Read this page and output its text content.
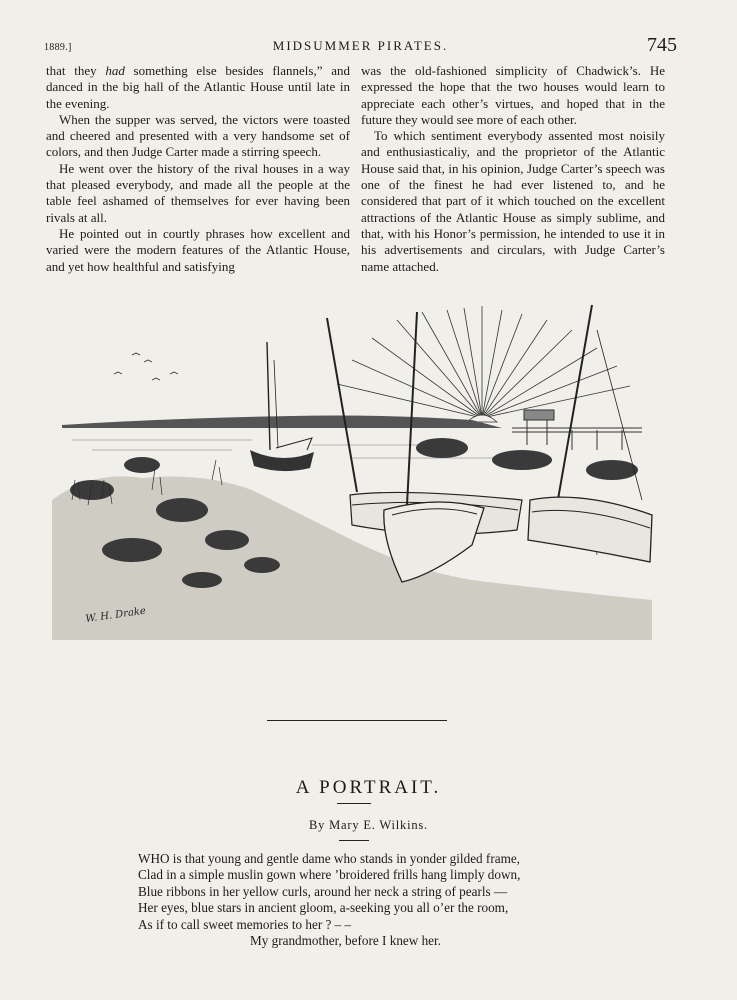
1889.]	MIDSUMMER PIRATES.	745

that they had something else besides flannels,” and danced in the big hall of the Atlantic House until late in the evening.

When the supper was served, the victors were toasted and cheered and presented with a very handsome set of colors, and then Judge Carter made a stirring speech.

He went over the history of the rival houses in a way that pleased everybody, and made all the people at the table feel ashamed of themselves for ever having been rivals at all.

He pointed out in courtly phrases how excellent and varied were the modern features of the Atlantic House, and yet how healthful and satisfying

was the old-fashioned simplicity of Chadwick’s. He expressed the hope that the two houses would learn to appreciate each other’s virtues, and hoped that in the future they would see more of each other.

To which sentiment everybody assented most noisily and enthusiasticaliy, and the proprietor of the Atlantic House said that, in his opinion, Judge Carter’s speech was one of the finest he had ever listened to, and he considered that part of it which touched on the excellent attractions of the Atlantic House as simply sublime, and that, with his Honor’s permission, he intended to use it in his advertisements and circulars, with Judge Carter’s name attached.

W. H. Drake
A PORTRAIT.
By Mary E. Wilkins.
WHO is that young and gentle dame who stands in yonder gilded frame,
Clad in a simple muslin gown where ’broidered frills hang limply down,
Blue ribbons in her yellow curls, around her neck a string of pearls —
Her eyes, blue stars in ancient gloom, a-seeking you all o’er the room,
As if to call sweet memories to her ? – –
My grandmother, before I knew her.
